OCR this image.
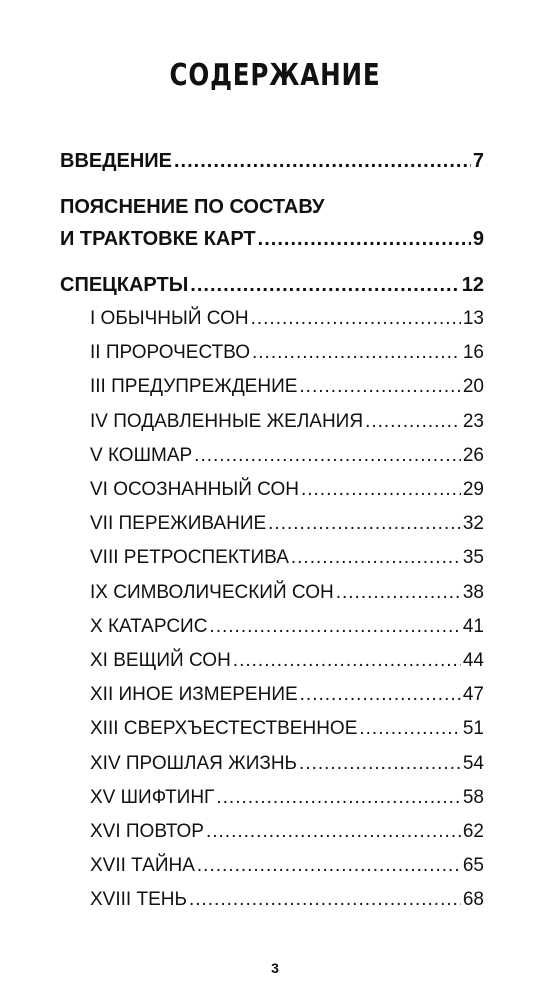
СОДЕРЖАНИЕ
ВВЕДЕНИЕ .....	7
ПОЯСНЕНИЕ ПО СОСТАВУ
И ТРАКТОВКЕ КАРТ .....	9
СПЕЦКАРТЫ .....	12
I ОБЫЧНЫЙ СОН .....	13
II ПРОРОЧЕСТВО .....	16
III ПРЕДУПРЕЖДЕНИЕ .....	20
IV ПОДАВЛЕННЫЕ ЖЕЛАНИЯ .....	23
V КОШМАР .....	26
VI ОСОЗНАННЫЙ СОН .....	29
VII ПЕРЕЖИВАНИЕ .....	32
VIII РЕТРОСПЕКТИВА .....	35
IX СИМВОЛИЧЕСКИЙ СОН .....	38
X КАТАРСИС .....	41
XI ВЕЩИЙ СОН .....	44
XII ИНОЕ ИЗМЕРЕНИЕ .....	47
XIII СВЕРХЪЕСТЕСТВЕННОЕ .....	51
XIV ПРОШЛАЯ ЖИЗНЬ .....	54
XV ШИФТИНГ .....	58
XVI ПОВТОР .....	62
XVII ТАЙНА .....	65
XVIII ТЕНЬ .....	68
3
